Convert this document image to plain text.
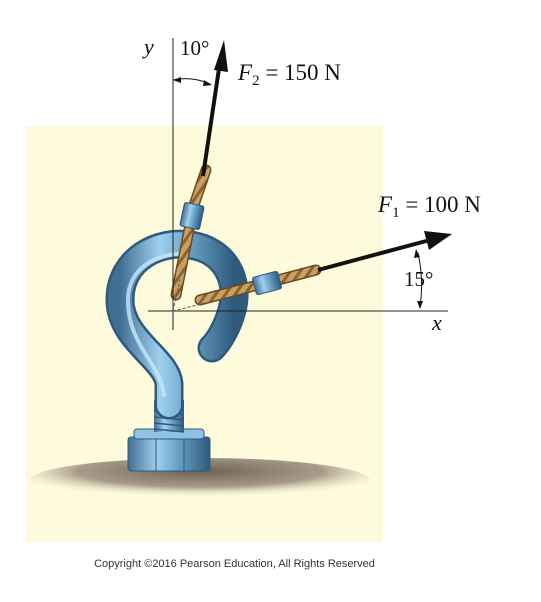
y
x
10°
15°
$F_2 = 150$ N
$F_1 = 100$ N
Copyright ©2016 Pearson Education, All Rights Reserved
